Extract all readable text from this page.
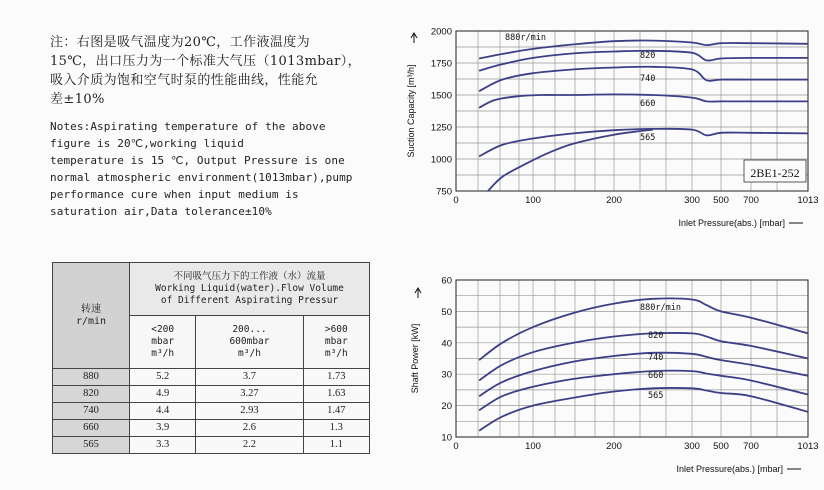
注：右图是吸气温度为20℃，工作液温度为
15℃，出口压力为一个标准大气压（1013mbar），
吸入介质为饱和空气时泵的性能曲线，性能允
差±10%
Notes:Aspirating temperature of the above
figure is 20℃,working liquid
temperature is 15 ℃, Output Pressure is one
normal atmospheric environment(1013mbar),pump
performance cure when input medium is
saturation air,Data tolerance±10%
转速
r/min	不同吸气压力下的工作液（水）流量
Working Liquid(water).Flow Volume
of Different Aspirating Pressur		

	<200
mbar
m³/h	200...
600mbar
m³/h	>600
mbar
m³/h

880	5.2	3.7	1.73
820	4.9	3.27	1.63
740	4.4	2.93	1.47
660	3.9	2.6	1.3
565	3.3	2.2	1.1
750
1000
1250
1500
1750
2000
0	100	200	300 500 700	1013
Suction Capacity [m³/h]
Inlet Pressure(abs.) [mbar]
880r/min
820
740
660
565
2BE1-252
10
20
30
40
50
60
0	100	200	300 500 700	1013
Shaft Power [kW]
Inlet Pressure(abs.) [mbar]
880r/min
820
740
660
565
